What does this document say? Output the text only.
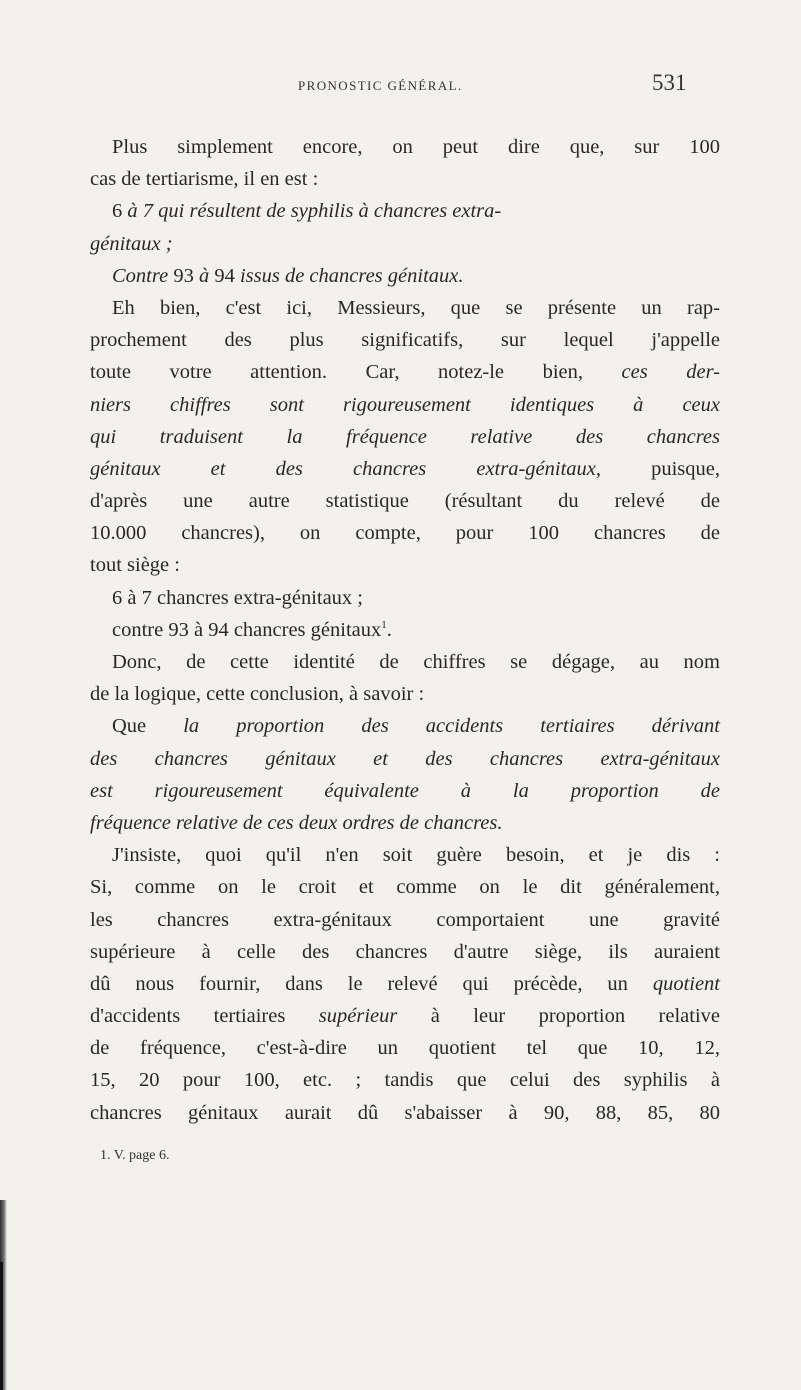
PRONOSTIC GÉNÉRAL.	531
Plus simplement encore, on peut dire que, sur 100
cas de tertiarisme, il en est :
6 à 7 qui résultent de syphilis à chancres extra-
génitaux ;
Contre 93 à 94 issus de chancres génitaux.
Eh bien, c'est ici, Messieurs, que se présente un rap-
prochement des plus significatifs, sur lequel j'appelle
toute votre attention. Car, notez-le bien, ces der-
niers chiffres sont rigoureusement identiques à ceux
qui traduisent la fréquence relative des chancres
génitaux et des chancres extra-génitaux, puisque,
d'après une autre statistique (résultant du relevé de
10.000 chancres), on compte, pour 100 chancres de
tout siège :
6 à 7 chancres extra-génitaux ;
contre 93 à 94 chancres génitaux$^1$.
Donc, de cette identité de chiffres se dégage, au nom
de la logique, cette conclusion, à savoir :
Que la proportion des accidents tertiaires dérivant
des chancres génitaux et des chancres extra-génitaux
est rigoureusement équivalente à la proportion de
fréquence relative de ces deux ordres de chancres.
J'insiste, quoi qu'il n'en soit guère besoin, et je dis :
Si, comme on le croit et comme on le dit généralement,
les chancres extra-génitaux comportaient une gravité
supérieure à celle des chancres d'autre siège, ils auraient
dû nous fournir, dans le relevé qui précède, un quotient
d'accidents tertiaires supérieur à leur proportion relative
de fréquence, c'est-à-dire un quotient tel que 10, 12,
15, 20 pour 100, etc. ; tandis que celui des syphilis à
chancres génitaux aurait dû s'abaisser à 90, 88, 85, 80
1. V. page 6.
